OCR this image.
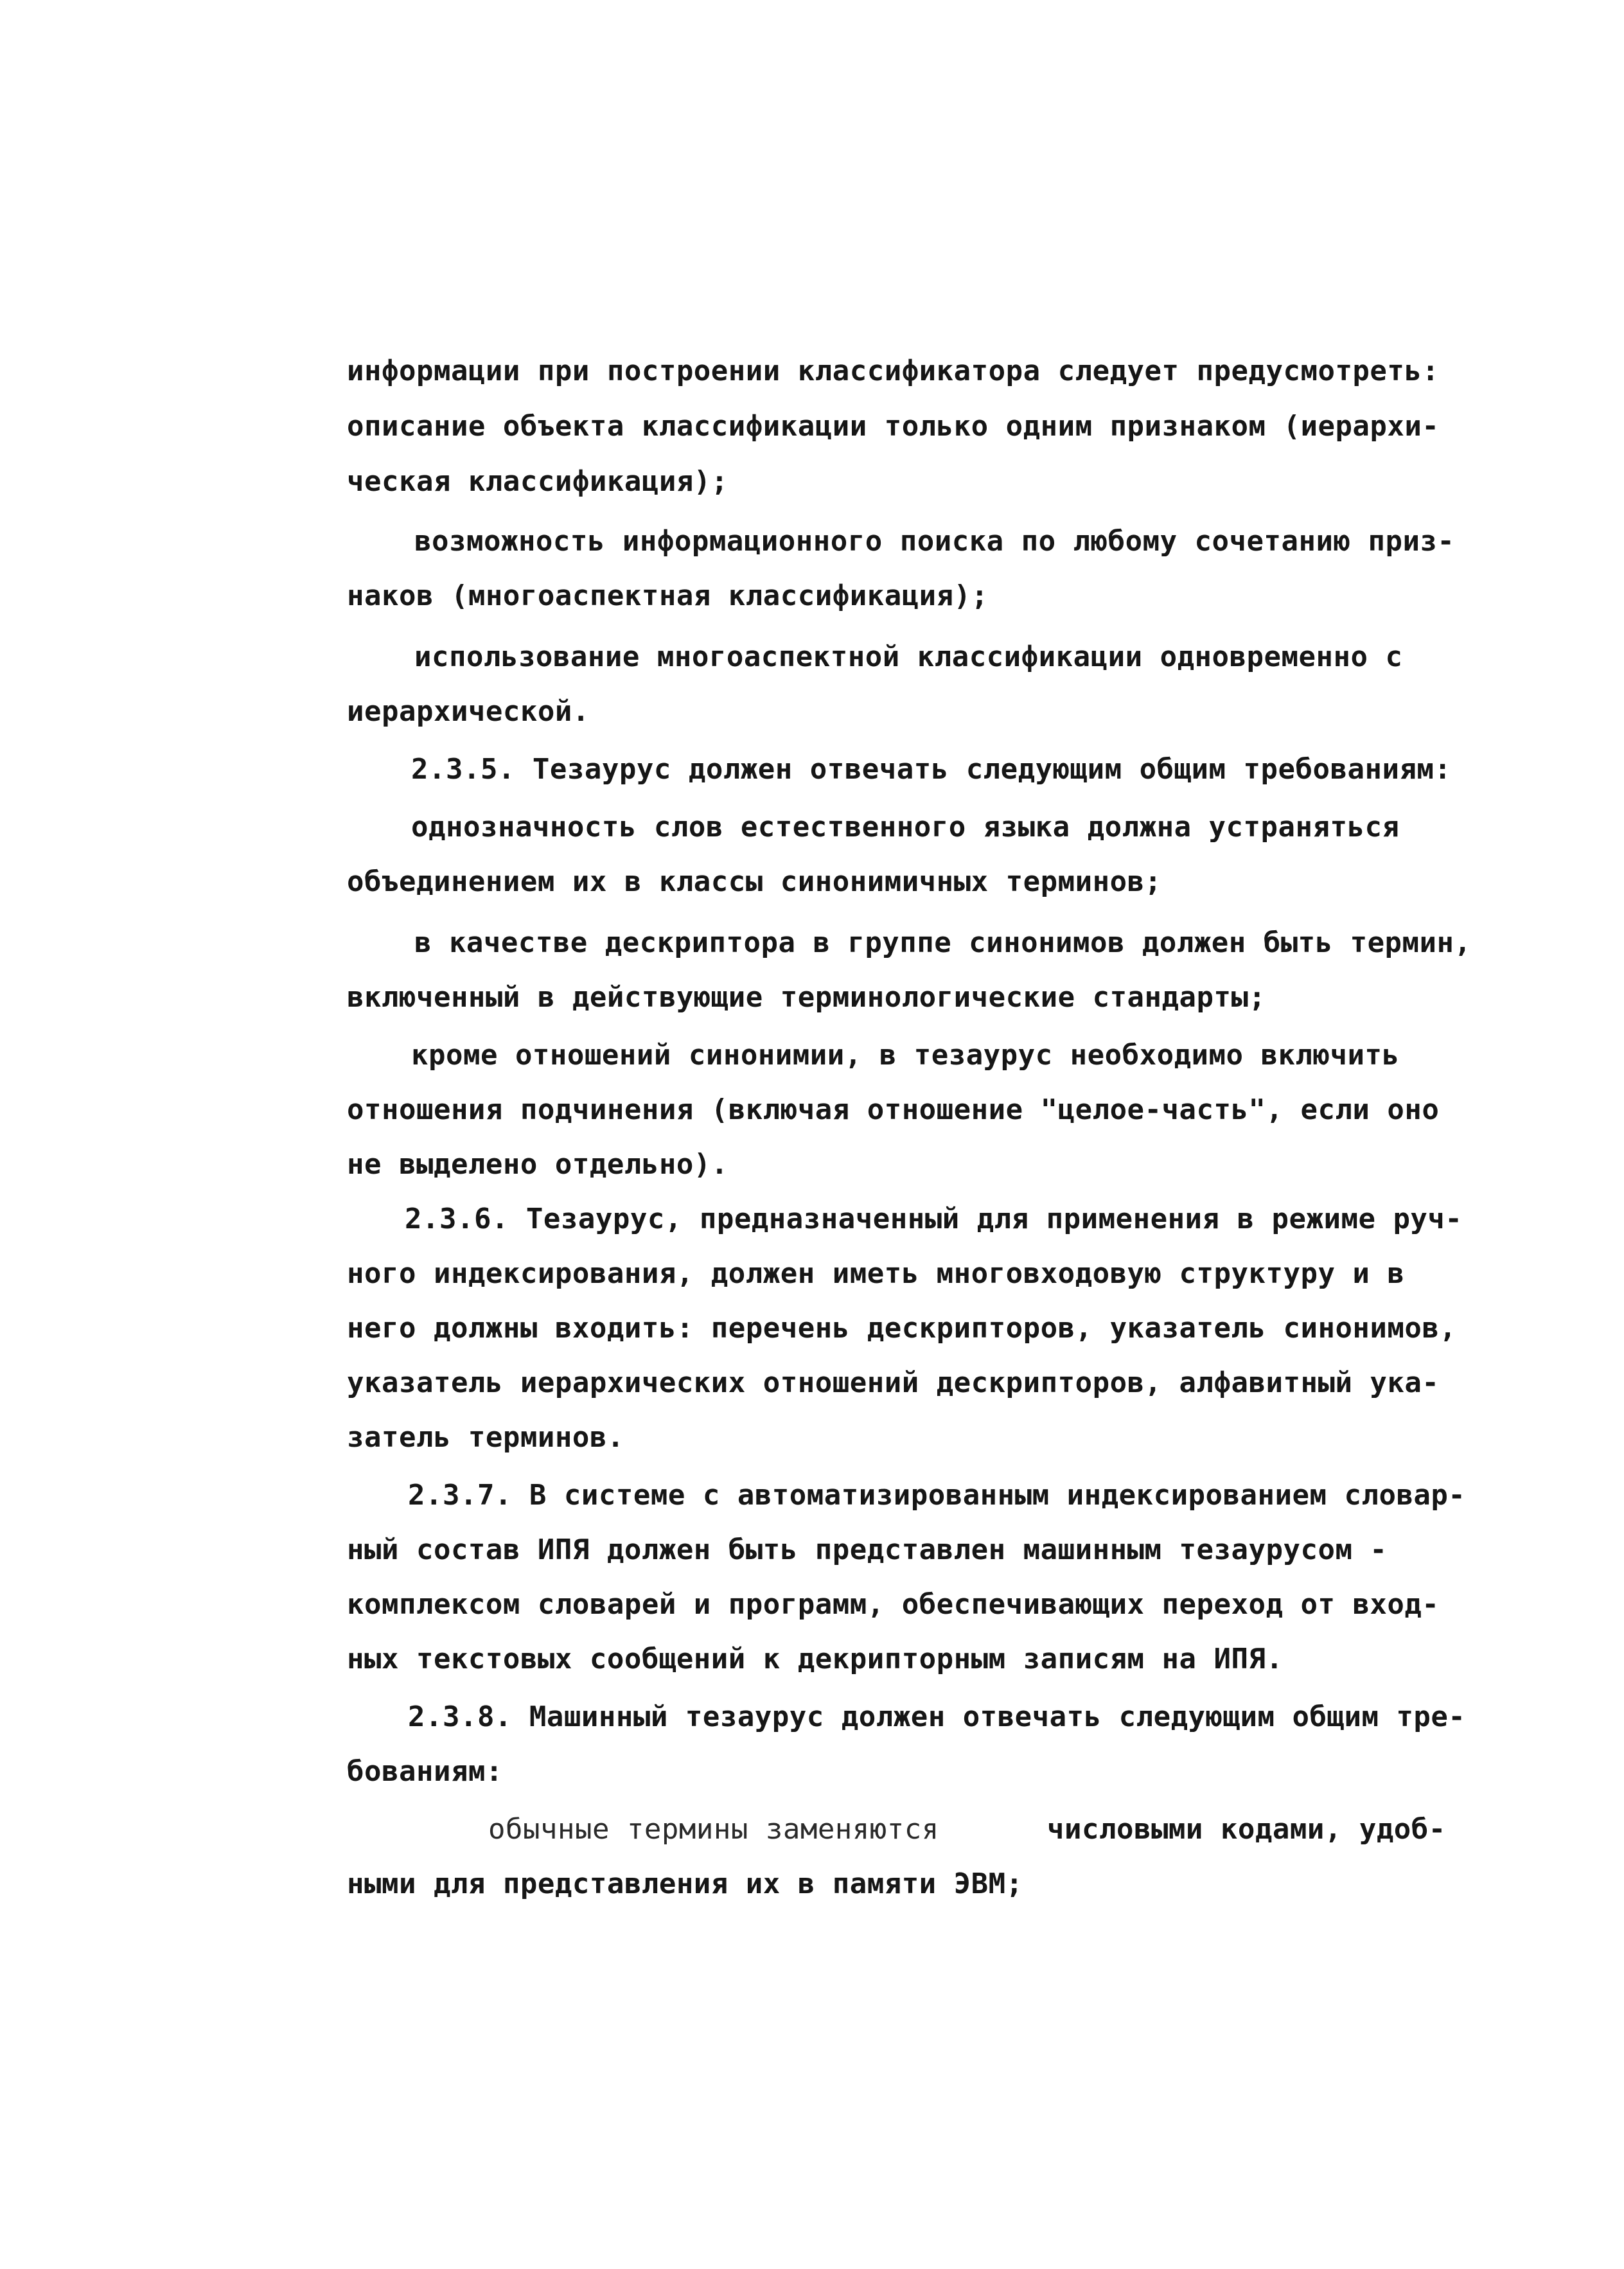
информации при построении классификатора следует предусмотреть:
описание объекта классификации только одним признаком (иерархи-
ческая классификация);
возможность информационного поиска по любому сочетанию приз-
наков (многоаспектная классификация);
использование многоаспектной классификации одновременно с
иерархической.
2.3.5. Тезаурус должен отвечать следующим общим требованиям:
однозначность слов естественного языка должна устраняться
объединением их в классы синонимичных терминов;
в качестве дескриптора в группе синонимов должен быть термин,
включенный в действующие терминологические стандарты;
кроме отношений синонимии, в тезаурус необходимо включить
отношения подчинения (включая отношение "целое-часть", если оно
не выделено отдельно).
2.3.6. Тезаурус, предназначенный для применения в режиме руч-
ного индексирования, должен иметь многовходовую структуру и в
него должны входить: перечень дескрипторов, указатель синонимов,
указатель иерархических отношений дескрипторов, алфавитный ука-
затель терминов.
2.3.7. В системе с автоматизированным индексированием словар-
ный состав ИПЯ должен быть представлен машинным тезаурусом -
комплексом словарей и программ, обеспечивающих переход от вход-
ных текстовых сообщений к декрипторным записям на ИПЯ.
2.3.8. Машинный тезаурус должен отвечать следующим общим тре-
бованиям:
обычные термины заменяются	числовыми кодами, удоб-
ными для представления их в памяти ЭВМ;
